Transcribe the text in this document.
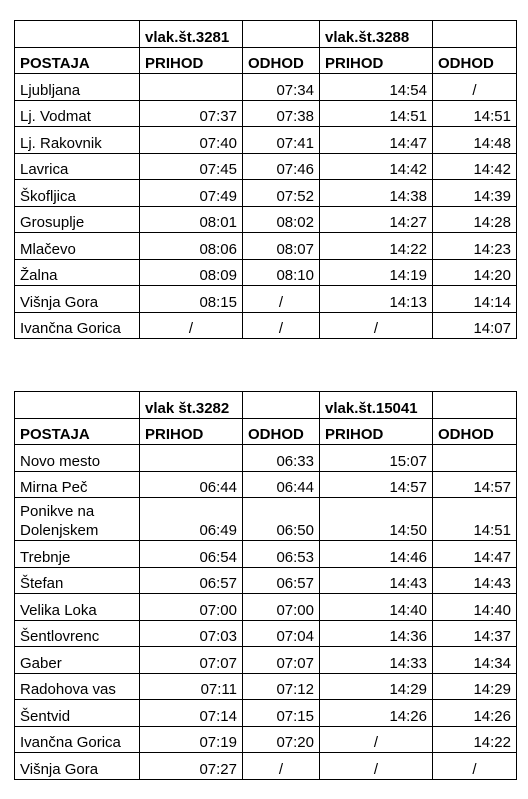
	vlak.št.3281		vlak.št.3288	
POSTAJA	PRIHOD	ODHOD	PRIHOD	ODHOD
Ljubljana		07:34	14:54	/
Lj. Vodmat	07:37	07:38	14:51	14:51
Lj. Rakovnik	07:40	07:41	14:47	14:48
Lavrica	07:45	07:46	14:42	14:42
Škofljica	07:49	07:52	14:38	14:39
Grosuplje	08:01	08:02	14:27	14:28
Mlačevo	08:06	08:07	14:22	14:23
Žalna	08:09	08:10	14:19	14:20
Višnja Gora	08:15	/	14:13	14:14
Ivančna Gorica	/	/	/	14:07
	vlak št.3282		vlak.št.15041	
POSTAJA	PRIHOD	ODHOD	PRIHOD	ODHOD
Novo mesto		06:33	15:07	
Mirna Peč	06:44	06:44	14:57	14:57
Ponikve na Dolenjskem	06:49	06:50	14:50	14:51
Trebnje	06:54	06:53	14:46	14:47
Štefan	06:57	06:57	14:43	14:43
Velika Loka	07:00	07:00	14:40	14:40
Šentlovrenc	07:03	07:04	14:36	14:37
Gaber	07:07	07:07	14:33	14:34
Radohova vas	07:11	07:12	14:29	14:29
Šentvid	07:14	07:15	14:26	14:26
Ivančna Gorica	07:19	07:20	/	14:22
Višnja Gora	07:27	/	/	/
